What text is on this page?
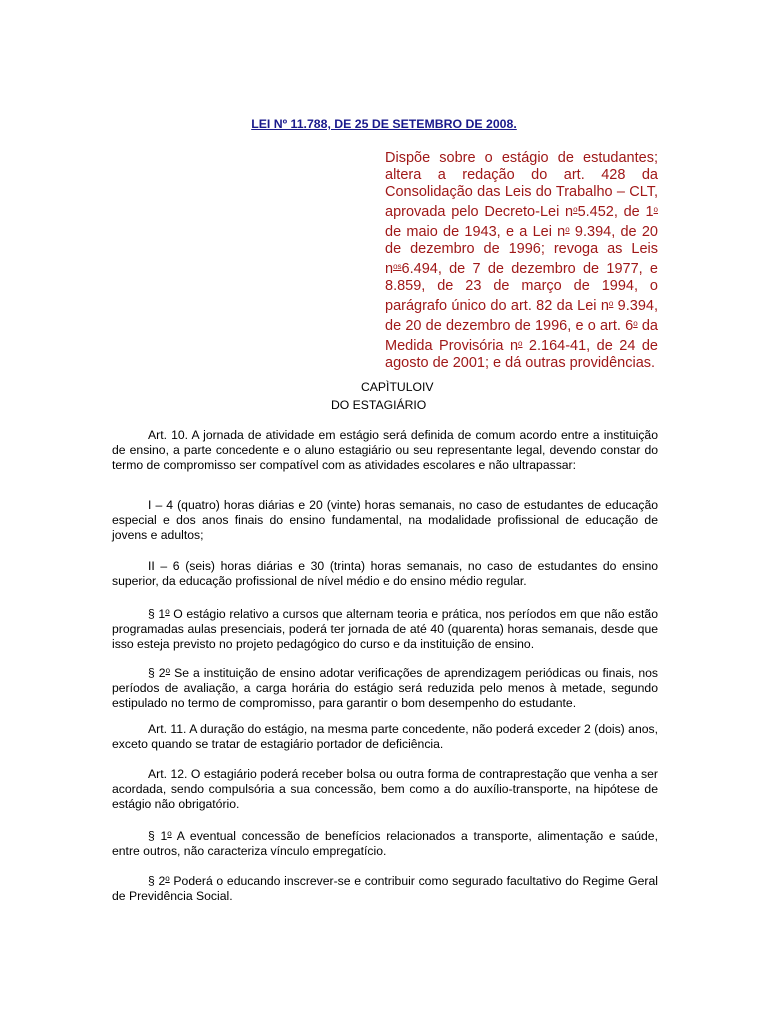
LEI Nº 11.788, DE 25 DE SETEMBRO DE 2008.
Dispõe sobre o estágio de estudantes; altera a redação do art. 428 da Consolidação das Leis do Trabalho – CLT, aprovada pelo Decreto-Lei $n^o5.452$, de 1$^o$ de maio de 1943, e a Lei $n^o$ 9.394, de 20 de dezembro de 1996; revoga as Leis $n^{os}6.494$, de 7 de dezembro de 1977, e 8.859, de 23 de março de 1994, o parágrafo único do art. 82 da Lei $n^o$ 9.394, de 20 de dezembro de 1996, e o art. 6$^o$ da Medida Provisória $n^o$ 2.164-41, de 24 de agosto de 2001; e dá outras providências.
CAPÌTULOIV
DO ESTAGIÁRIO
Art. 10. A jornada de atividade em estágio será definida de comum acordo entre a instituição de ensino, a parte concedente e o aluno estagiário ou seu representante legal, devendo constar do termo de compromisso ser compatível com as atividades escolares e não ultrapassar:
I – 4 (quatro) horas diárias e 20 (vinte) horas semanais, no caso de estudantes de educação especial e dos anos finais do ensino fundamental, na modalidade profissional de educação de jovens e adultos;
II – 6 (seis) horas diárias e 30 (trinta) horas semanais, no caso de estudantes do ensino superior, da educação profissional de nível médio e do ensino médio regular.
§ 1$^o$ O estágio relativo a cursos que alternam teoria e prática, nos períodos em que não estão programadas aulas presenciais, poderá ter jornada de até 40 (quarenta) horas semanais, desde que isso esteja previsto no projeto pedagógico do curso e da instituição de ensino.
§ 2$^o$ Se a instituição de ensino adotar verificações de aprendizagem periódicas ou finais, nos períodos de avaliação, a carga horária do estágio será reduzida pelo menos à metade, segundo estipulado no termo de compromisso, para garantir o bom desempenho do estudante.
Art. 11. A duração do estágio, na mesma parte concedente, não poderá exceder 2 (dois) anos, exceto quando se tratar de estagiário portador de deficiência.
Art. 12. O estagiário poderá receber bolsa ou outra forma de contraprestação que venha a ser acordada, sendo compulsória a sua concessão, bem como a do auxílio-transporte, na hipótese de estágio não obrigatório.
§ 1$^o$ A eventual concessão de benefícios relacionados a transporte, alimentação e saúde, entre outros, não caracteriza vínculo empregatício.
§ 2$^o$ Poderá o educando inscrever-se e contribuir como segurado facultativo do Regime Geral de Previdência Social.
